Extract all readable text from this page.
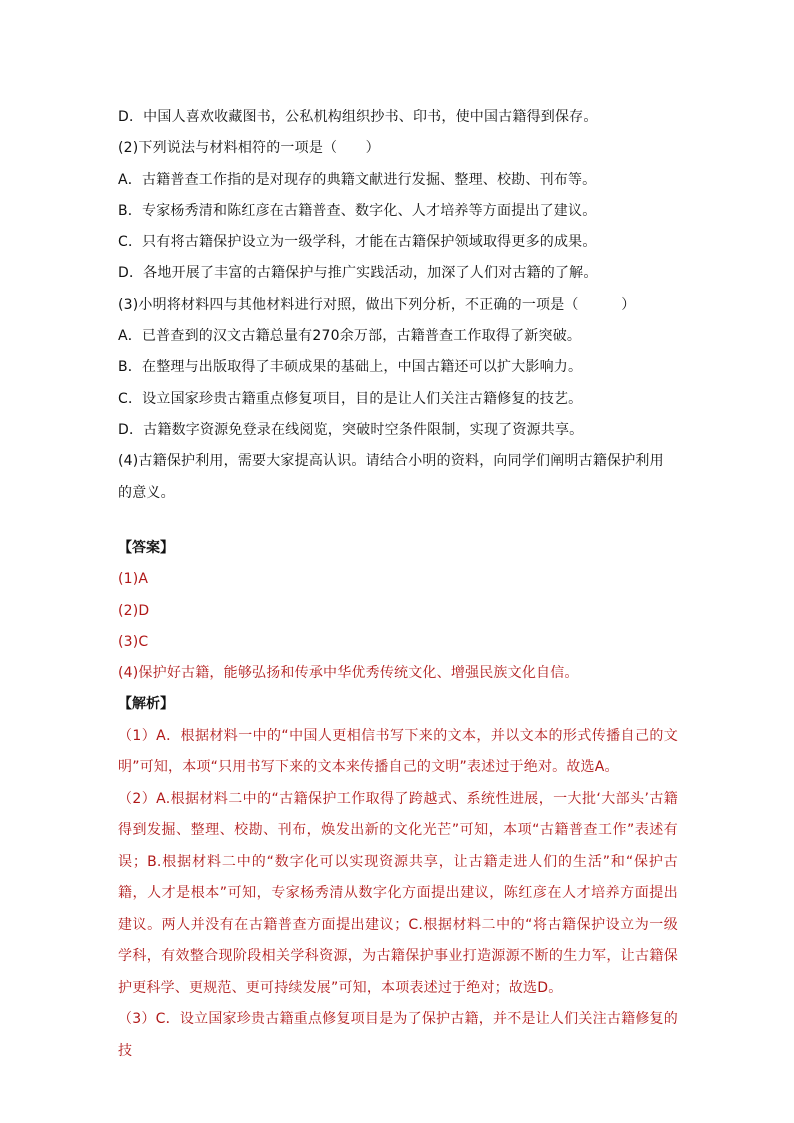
D．中国人喜欢收藏图书，公私机构组织抄书、印书，使中国古籍得到保存。
(2)下列说法与材料相符的一项是（　　）
A．古籍普查工作指的是对现存的典籍文献进行发掘、整理、校勘、刊布等。
B．专家杨秀清和陈红彦在古籍普查、数字化、人才培养等方面提出了建议。
C．只有将古籍保护设立为一级学科，才能在古籍保护领域取得更多的成果。
D．各地开展了丰富的古籍保护与推广实践活动，加深了人们对古籍的了解。
(3)小明将材料四与其他材料进行对照，做出下列分析，不正确的一项是（　　　）
A．已普查到的汉文古籍总量有270余万部，古籍普查工作取得了新突破。
B．在整理与出版取得了丰硕成果的基础上，中国古籍还可以扩大影响力。
C．设立国家珍贵古籍重点修复项目，目的是让人们关注古籍修复的技艺。
D．古籍数字资源免登录在线阅览，突破时空条件限制，实现了资源共享。
(4)古籍保护利用，需要大家提高认识。请结合小明的资料，向同学们阐明古籍保护利用的意义。
【答案】
(1)A
(2)D
(3)C
(4)保护好古籍，能够弘扬和传承中华优秀传统文化、增强民族文化自信。
【解析】
（1）A．根据材料一中的“中国人更相信书写下来的文本，并以文本的形式传播自己的文明”可知，本项“只用书写下来的文本来传播自己的文明”表述过于绝对。故选A。
（2）A.根据材料二中的“古籍保护工作取得了跨越式、系统性进展，一大批‘大部头’古籍得到发掘、整理、校勘、刊布，焕发出新的文化光芒”可知，本项“古籍普查工作”表述有误；B.根据材料二中的“数字化可以实现资源共享，让古籍走进人们的生活”和“保护古籍，人才是根本”可知，专家杨秀清从数字化方面提出建议，陈红彦在人才培养方面提出建议。两人并没有在古籍普查方面提出建议；C.根据材料二中的“将古籍保护设立为一级学科，有效整合现阶段相关学科资源，为古籍保护事业打造源源不断的生力军，让古籍保护更科学、更规范、更可持续发展”可知，本项表述过于绝对；故选D。
（3）C．设立国家珍贵古籍重点修复项目是为了保护古籍，并不是让人们关注古籍修复的技
